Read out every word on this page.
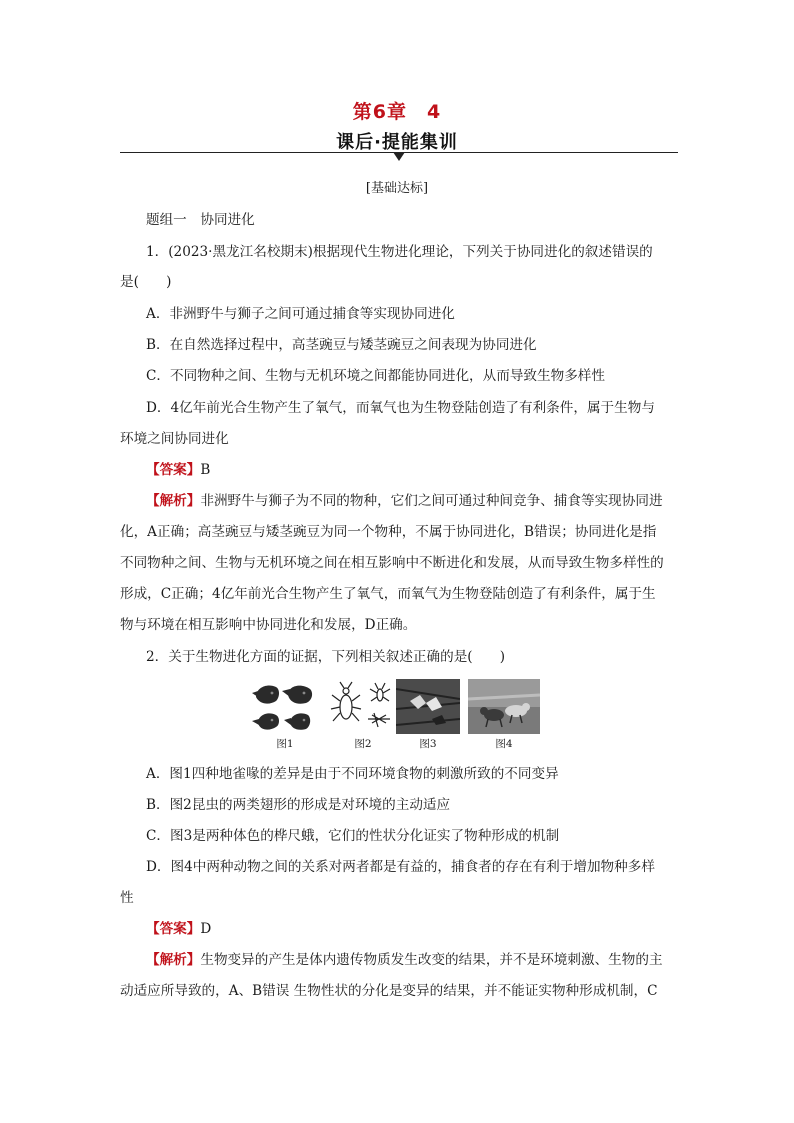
第6章　4
课后·提能集训
[基础达标]
题组一　协同进化
1．(2023·黑龙江名校期末)根据现代生物进化理论，下列关于协同进化的叙述错误的
是(　　)
A．非洲野牛与狮子之间可通过捕食等实现协同进化
B．在自然选择过程中，高茎豌豆与矮茎豌豆之间表现为协同进化
C．不同物种之间、生物与无机环境之间都能协同进化，从而导致生物多样性
D．4亿年前光合生物产生了氧气，而氧气也为生物登陆创造了有利条件，属于生物与
环境之间协同进化
【答案】B
【解析】非洲野牛与狮子为不同的物种，它们之间可通过种间竞争、捕食等实现协同进
化，A正确；高茎豌豆与矮茎豌豆为同一个物种，不属于协同进化，B错误；协同进化是指
不同物种之间、生物与无机环境之间在相互影响中不断进化和发展，从而导致生物多样性的
形成，C正确；4亿年前光合生物产生了氧气，而氧气为生物登陆创造了有利条件，属于生
物与环境在相互影响中协同进化和发展，D正确。
2．关于生物进化方面的证据，下列相关叙述正确的是(　　)
图1	图2	图3	图4
A．图1四种地雀喙的差异是由于不同环境食物的刺激所致的不同变异
B．图2昆虫的两类翅形的形成是对环境的主动适应
C．图3是两种体色的桦尺蛾，它们的性状分化证实了物种形成的机制
D．图4中两种动物之间的关系对两者都是有益的，捕食者的存在有利于增加物种多样
性
【答案】D
【解析】生物变异的产生是体内遗传物质发生改变的结果，并不是环境刺激、生物的主
动适应所导致的，A、B错误 生物性状的分化是变异的结果，并不能证实物种形成机制，C
